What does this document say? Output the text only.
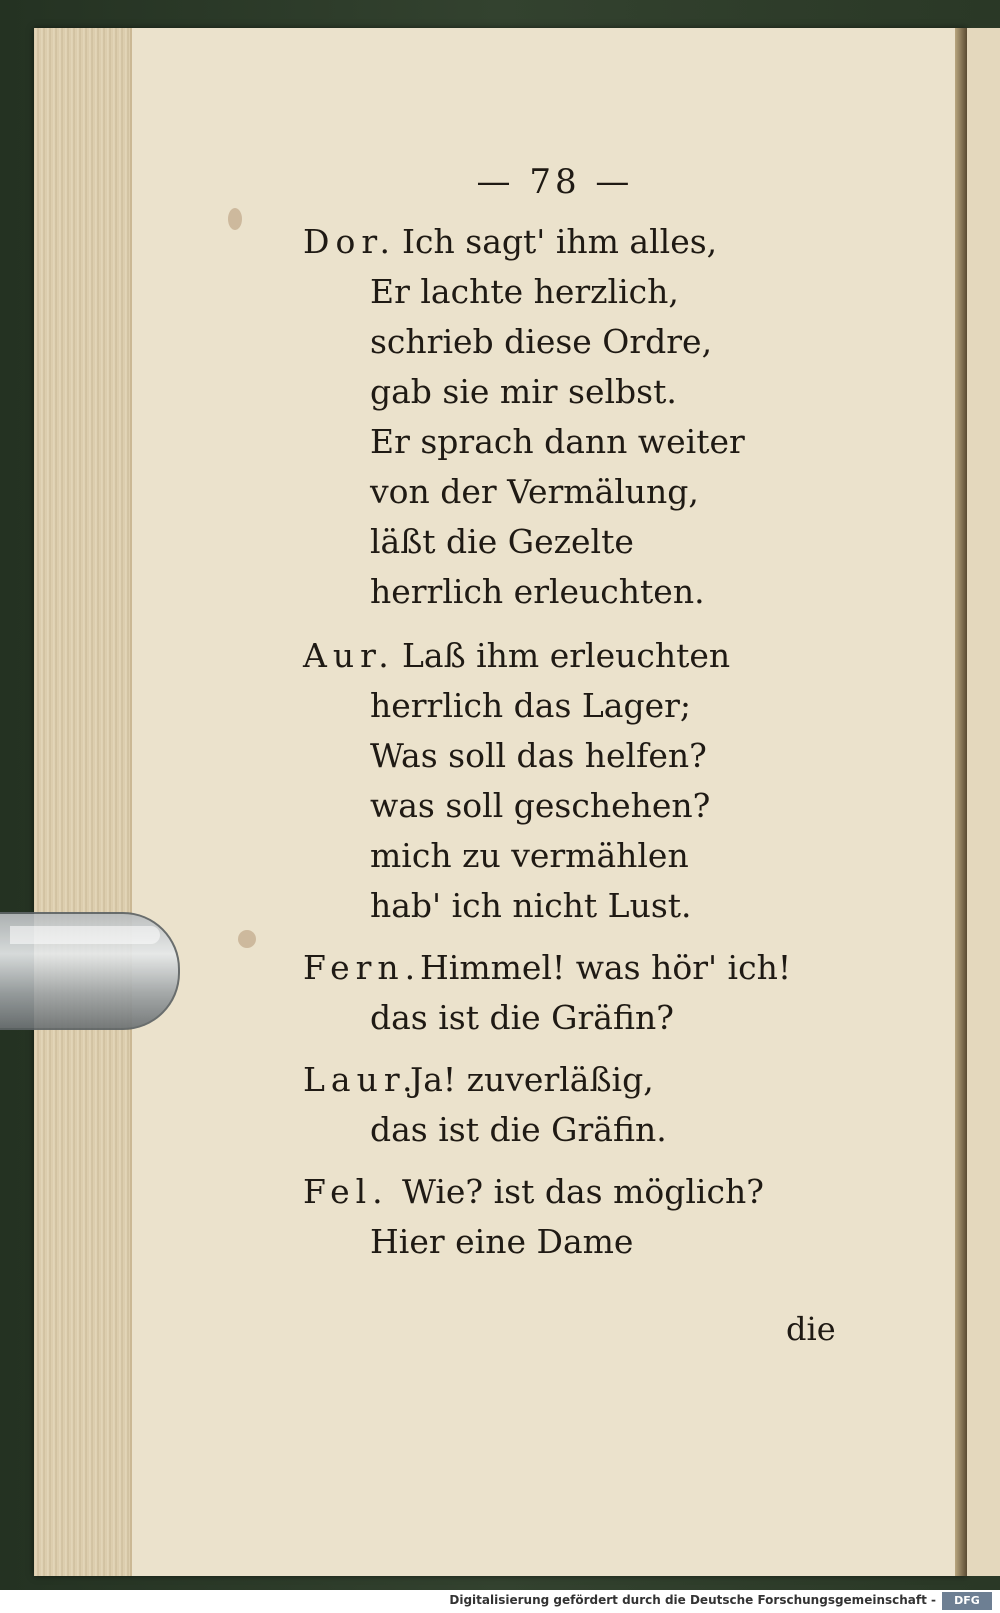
— 78 —
Dor. Ich sagt' ihm alles,
Er lachte herzlich,
schrieb diese Ordre,
gab sie mir selbst.
Er sprach dann weiter
von der Vermälung,
läßt die Gezelte
herrlich erleuchten.
Aur. Laß ihm erleuchten
herrlich das Lager;
Was soll das helfen?
was soll geschehen?
mich zu vermählen
hab' ich nicht Lust.
Fern.
Himmel! was hör' ich!
das ist die Gräfin?
Laur.
Ja! zuverläßig,
das ist die Gräfin.
Fel. Wie? ist das möglich?
Hier eine Dame
die
Digitalisierung gefördert durch die Deutsche Forschungsgemeinschaft -	DFG
